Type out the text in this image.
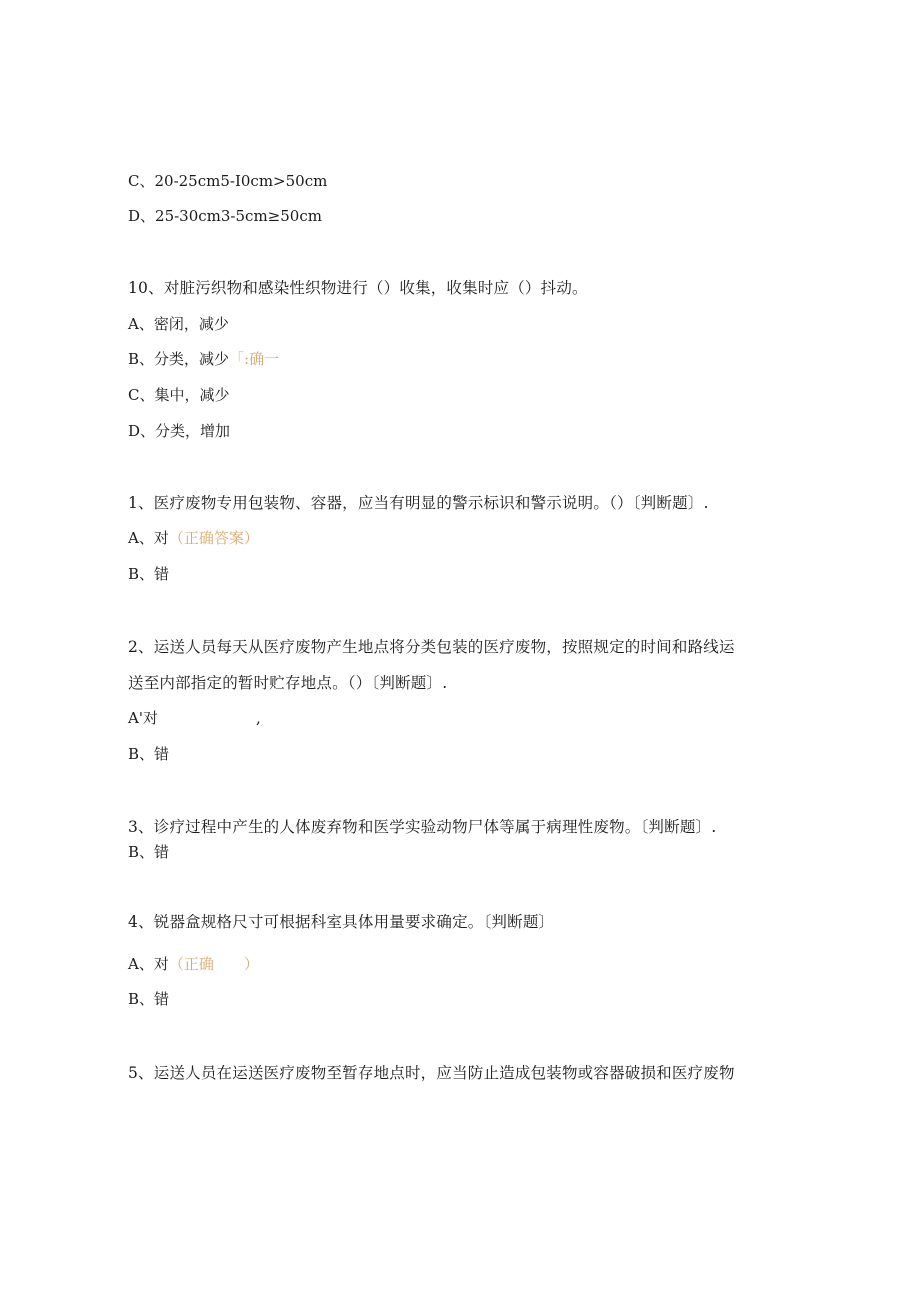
C、20-25cm5-I0cm>50cm
D、25-30cm3-5cm≥50cm
10、对脏污织物和感染性织物进行（）收集，收集时应（）抖动。
A、密闭，减少
B、分类，减少「:确一
C、集中，减少
D、分类，增加
1、医疗废物专用包装物、容器，应当有明显的警示标识和警示说明。（）〔判断题〕.
A、对（正确答案）
B、错
2、运送人员每天从医疗废物产生地点将分类包装的医疗废物，按照规定的时间和路线运
送至内部指定的暂时贮存地点。（）〔判断题〕.
A'对	,
B、错
3、诊疗过程中产生的人体废弃物和医学实验动物尸体等属于病理性废物。〔判断题〕.
B、错
4、锐器盒规格尺寸可根据科室具体用量要求确定。〔判断题〕
A、对（正确 ）
B、错
5、运送人员在运送医疗废物至暂存地点时，应当防止造成包装物或容器破损和医疗废物
